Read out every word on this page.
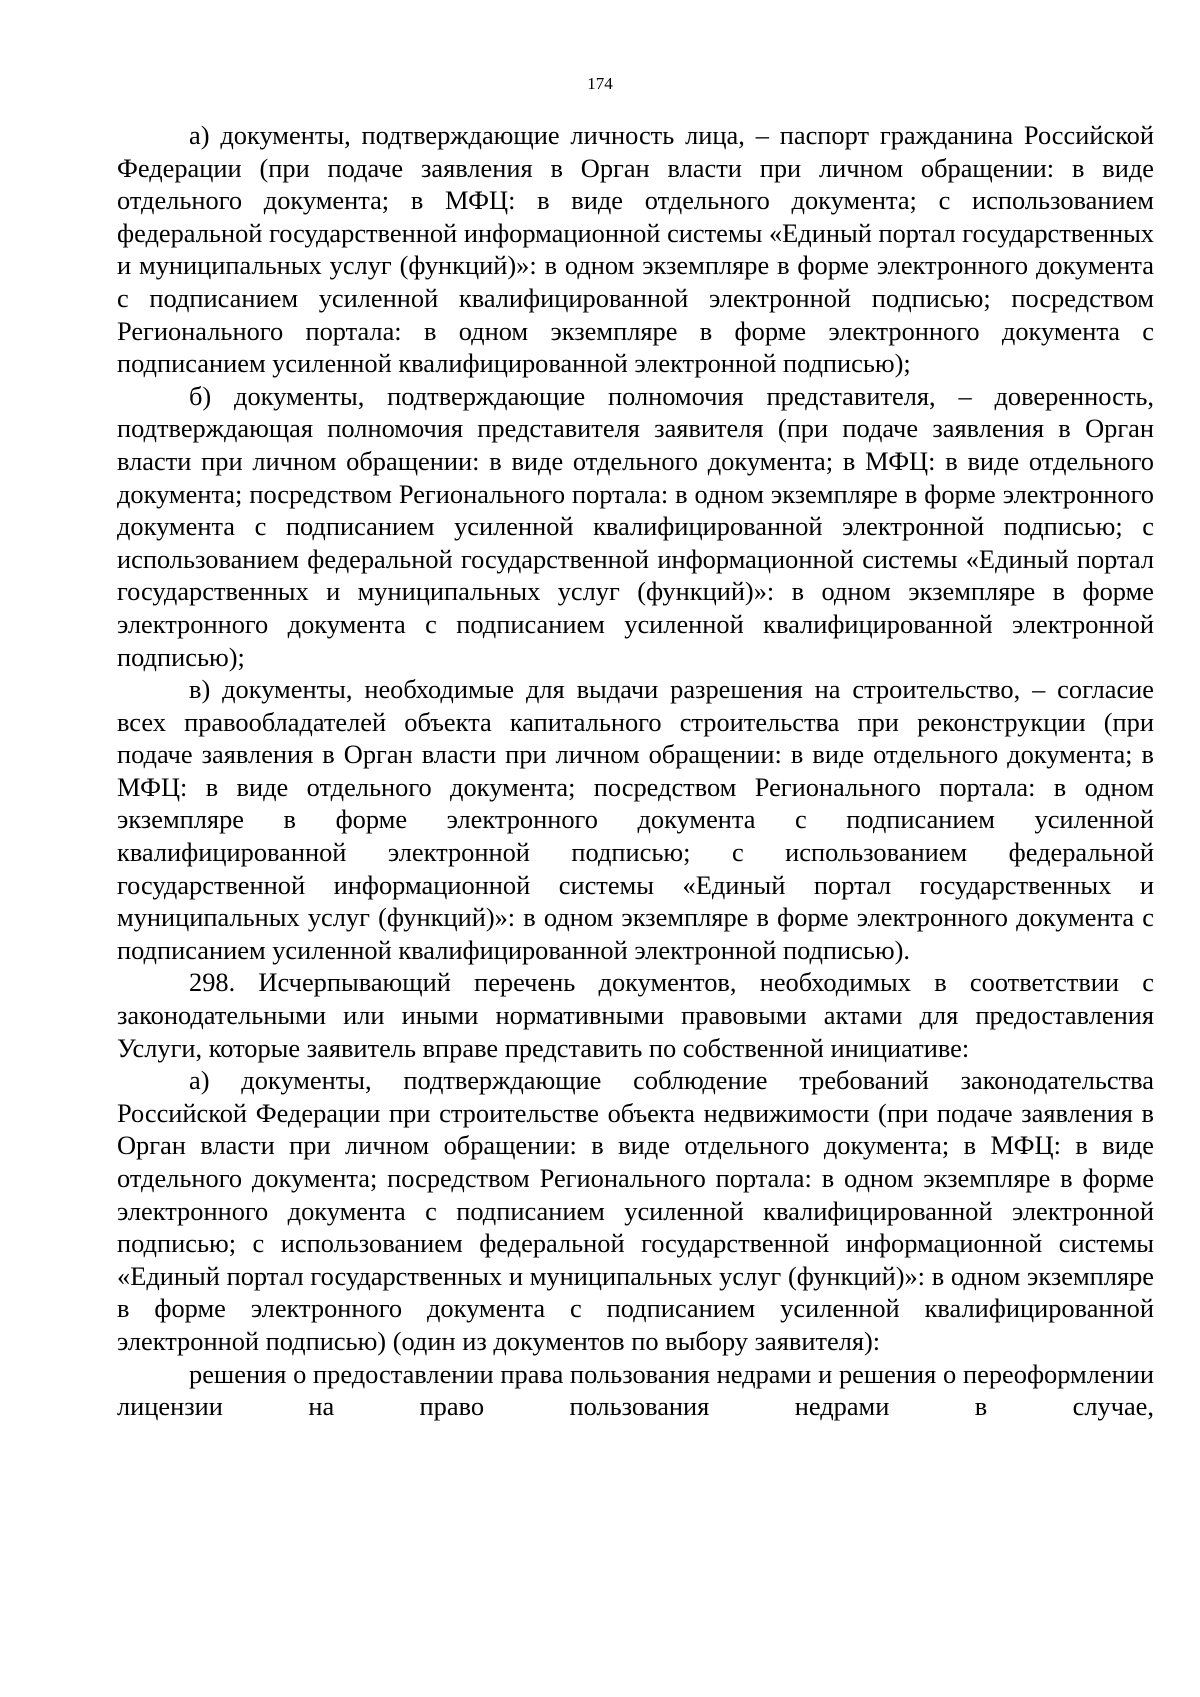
174

а) документы, подтверждающие личность лица, – паспорт гражданина Российской Федерации (при подаче заявления в Орган власти при личном обращении: в виде отдельного документа; в МФЦ: в виде отдельного документа; с использованием федеральной государственной информационной системы «Единый портал государственных и муниципальных услуг (функций)»: в одном экземпляре в форме электронного документа с подписанием усиленной квалифицированной электронной подписью; посредством Регионального портала: в одном экземпляре в форме электронного документа с подписанием усиленной квалифицированной электронной подписью);

б) документы, подтверждающие полномочия представителя, – доверенность, подтверждающая полномочия представителя заявителя (при подаче заявления в Орган власти при личном обращении: в виде отдельного документа; в МФЦ: в виде отдельного документа; посредством Регионального портала: в одном экземпляре в форме электронного документа с подписанием усиленной квалифицированной электронной подписью; с использованием федеральной государственной информационной системы «Единый портал государственных и муниципальных услуг (функций)»: в одном экземпляре в форме электронного документа с подписанием усиленной квалифицированной электронной подписью);

в) документы, необходимые для выдачи разрешения на строительство, – согласие всех правообладателей объекта капитального строительства при реконструкции (при подаче заявления в Орган власти при личном обращении: в виде отдельного документа; в МФЦ: в виде отдельного документа; посредством Регионального портала: в одном экземпляре в форме электронного документа с подписанием усиленной квалифицированной электронной подписью; с использованием федеральной государственной информационной системы «Единый портал государственных и муниципальных услуг (функций)»: в одном экземпляре в форме электронного документа с подписанием усиленной квалифицированной электронной подписью).

298. Исчерпывающий перечень документов, необходимых в соответствии с законодательными или иными нормативными правовыми актами для предоставления Услуги, которые заявитель вправе представить по собственной инициативе:

а) документы, подтверждающие соблюдение требований законодательства Российской Федерации при строительстве объекта недвижимости (при подаче заявления в Орган власти при личном обращении: в виде отдельного документа; в МФЦ: в виде отдельного документа; посредством Регионального портала: в одном экземпляре в форме электронного документа с подписанием усиленной квалифицированной электронной подписью; с использованием федеральной государственной информационной системы «Единый портал государственных и муниципальных услуг (функций)»: в одном экземпляре в форме электронного документа с подписанием усиленной квалифицированной электронной подписью) (один из документов по выбору заявителя):

решения о предоставлении права пользования недрами и решения о переоформлении лицензии на право пользования недрами в случае,
